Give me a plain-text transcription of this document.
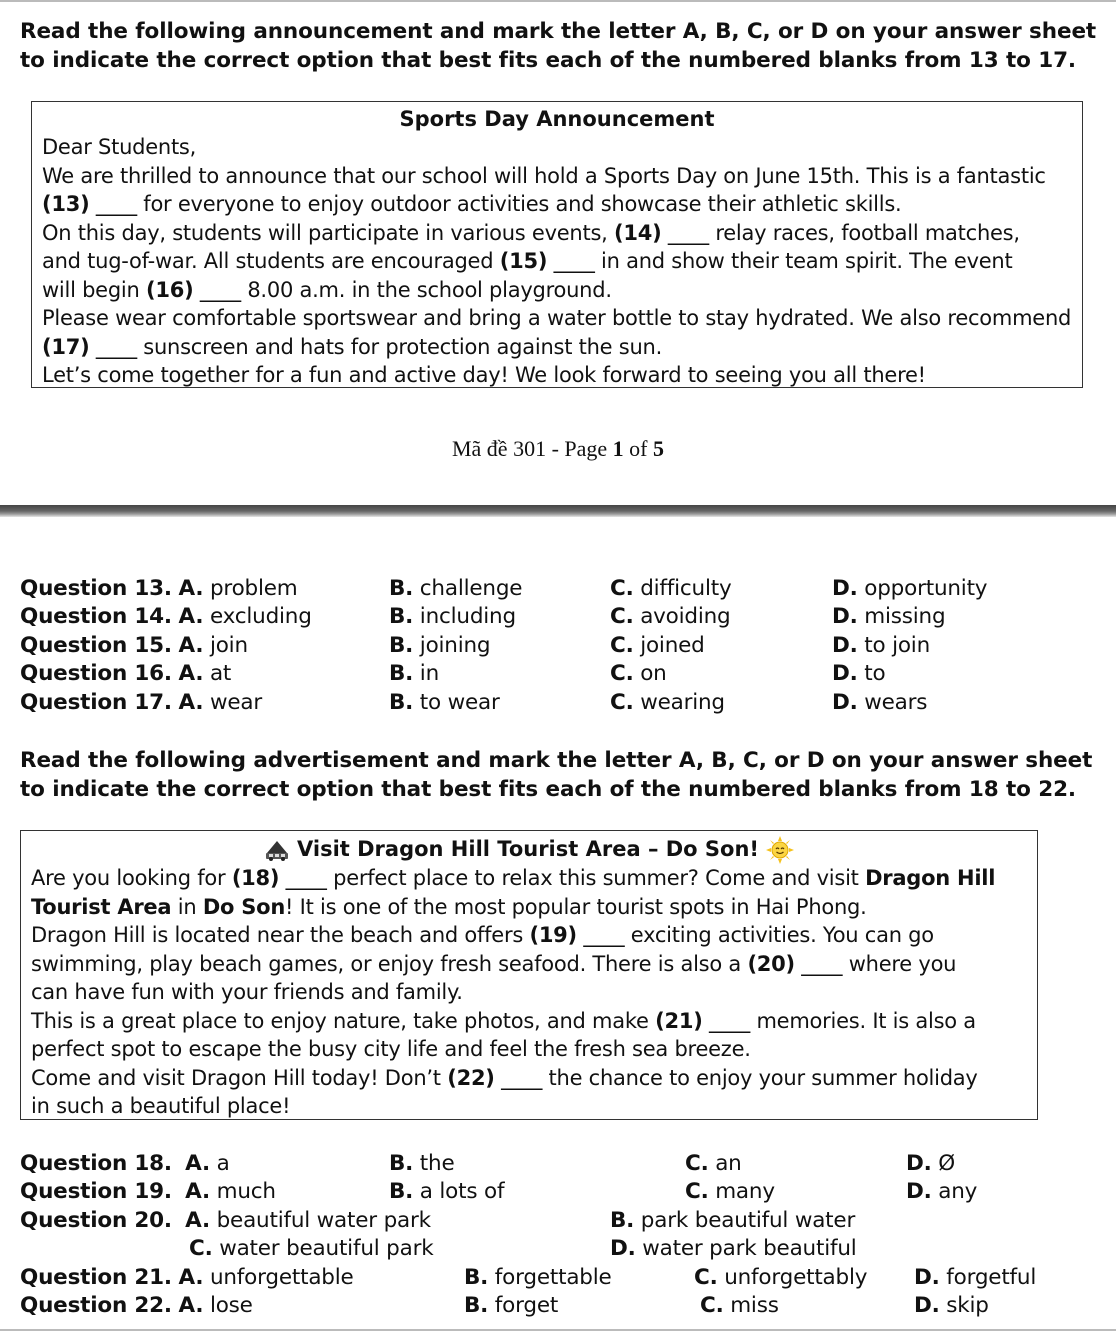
Read the following announcement and mark the letter A, B, C, or D on your answer sheet to indicate the correct option that best fits each of the numbered blanks from 13 to 17.
Sports Day Announcement
Dear Students,
We are thrilled to announce that our school will hold a Sports Day on June 15th. This is a fantastic
(13) ____ for everyone to enjoy outdoor activities and showcase their athletic skills.
On this day, students will participate in various events, (14) ____ relay races, football matches,
and tug-of-war. All students are encouraged (15) ____ in and show their team spirit. The event
will begin (16) ____ 8.00 a.m. in the school playground.
Please wear comfortable sportswear and bring a water bottle to stay hydrated. We also recommend
(17) ____ sunscreen and hats for protection against the sun.
Let’s come together for a fun and active day! We look forward to seeing you all there!
Mã đề 301 - Page 1 of 5
Question 13. A. problem	B. challenge	C. difficulty	D. opportunity
Question 14. A. excluding	B. including	C. avoiding	D. missing
Question 15. A. join	B. joining	C. joined	D. to join
Question 16. A. at	B. in	C. on	D. to
Question 17. A. wear	B. to wear	C. wearing	D. wears
Read the following advertisement and mark the letter A, B, C, or D on your answer sheet to indicate the correct option that best fits each of the numbered blanks from 18 to 22.
Visit Dragon Hill Tourist Area – Do Son!
Are you looking for (18) ____ perfect place to relax this summer? Come and visit Dragon Hill
Tourist Area in Do Son! It is one of the most popular tourist spots in Hai Phong.
Dragon Hill is located near the beach and offers (19) ____ exciting activities. You can go
swimming, play beach games, or enjoy fresh seafood. There is also a (20) ____ where you
can have fun with your friends and family.
This is a great place to enjoy nature, take photos, and make (21) ____ memories. It is also a
perfect spot to escape the busy city life and feel the fresh sea breeze.
Come and visit Dragon Hill today! Don’t (22) ____ the chance to enjoy your summer holiday
in such a beautiful place!
Question 18. A. a	B. the	C. an	D. Ø
Question 19. A. much	B. a lots of	C. many	D. any
Question 20. A. beautiful water park	B. park beautiful water
C. water beautiful park	D. water park beautiful
Question 21. A. unforgettable	B. forgettable	C. unforgettably D. forgetful
Question 22. A. lose	B. forget	C. miss	D. skip
